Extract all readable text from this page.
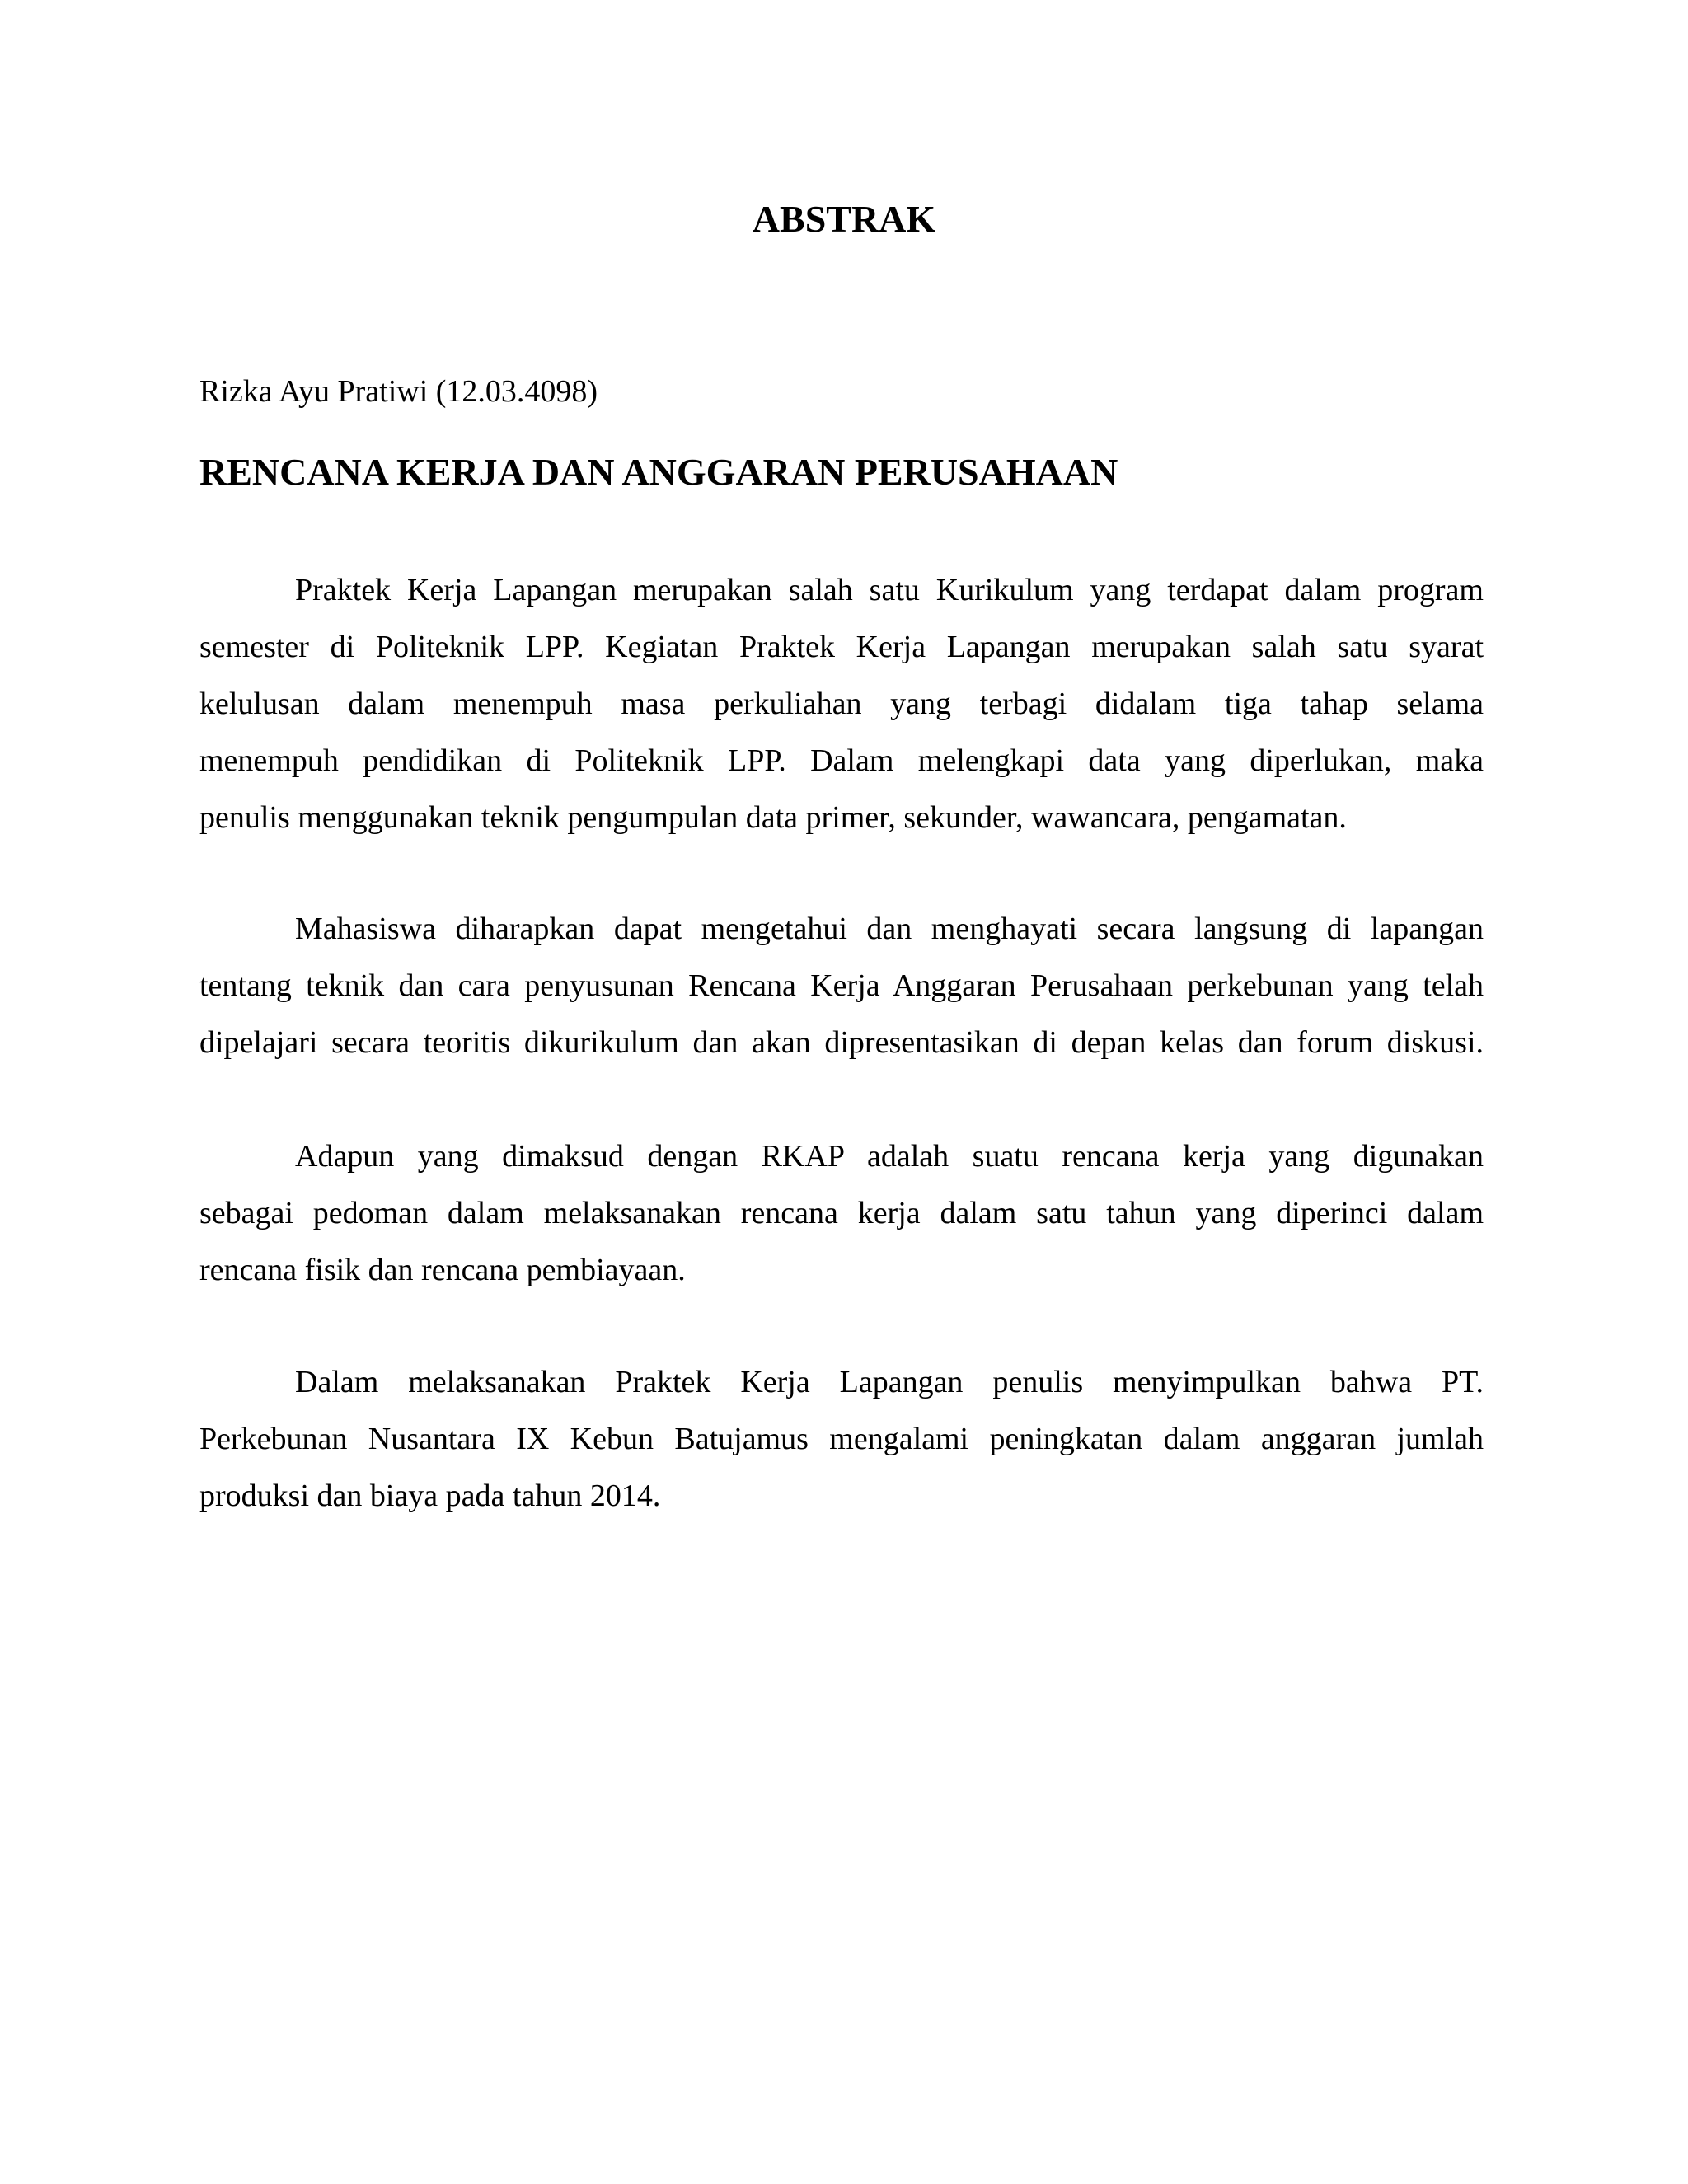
ABSTRAK

Rizka Ayu Pratiwi (12.03.4098)

RENCANA KERJA DAN ANGGARAN PERUSAHAAN
Praktek Kerja Lapangan merupakan salah satu Kurikulum yang terdapat dalam program
semester di Politeknik LPP. Kegiatan Praktek Kerja Lapangan merupakan salah satu syarat
kelulusan dalam menempuh masa perkuliahan yang terbagi didalam tiga tahap selama
menempuh pendidikan di Politeknik LPP. Dalam melengkapi data yang diperlukan, maka
penulis menggunakan teknik pengumpulan data primer, sekunder, wawancara, pengamatan.
Mahasiswa diharapkan dapat mengetahui dan menghayati secara langsung di lapangan
tentang teknik dan cara penyusunan Rencana Kerja Anggaran Perusahaan perkebunan yang telah
dipelajari secara teoritis dikurikulum dan akan dipresentasikan di depan kelas dan forum diskusi.
Adapun yang dimaksud dengan RKAP adalah suatu rencana kerja yang digunakan
sebagai pedoman dalam melaksanakan rencana kerja dalam satu tahun yang diperinci dalam
rencana fisik dan rencana pembiayaan.
Dalam melaksanakan Praktek Kerja Lapangan penulis menyimpulkan bahwa PT.
Perkebunan Nusantara IX Kebun Batujamus mengalami peningkatan dalam anggaran jumlah
produksi dan biaya pada tahun 2014.
